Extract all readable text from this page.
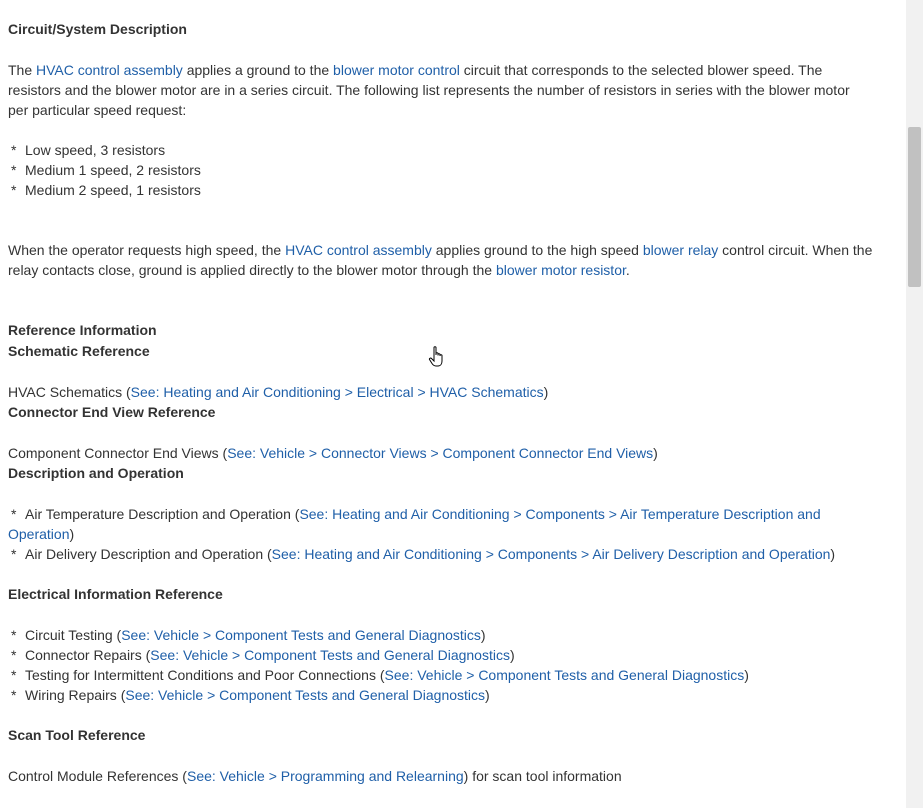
Circuit/System Description
The HVAC control assembly applies a ground to the blower motor control circuit that corresponds to the selected blower speed. The
resistors and the blower motor are in a series circuit. The following list represents the number of resistors in series with the blower motor
per particular speed request:
* Low speed, 3 resistors
* Medium 1 speed, 2 resistors
* Medium 2 speed, 1 resistors
When the operator requests high speed, the HVAC control assembly applies ground to the high speed blower relay control circuit. When the
relay contacts close, ground is applied directly to the blower motor through the blower motor resistor.
Reference Information
Schematic Reference
HVAC Schematics (See: Heating and Air Conditioning > Electrical > HVAC Schematics)
Connector End View Reference
Component Connector End Views (See: Vehicle > Connector Views > Component Connector End Views)
Description and Operation
* Air Temperature Description and Operation (See: Heating and Air Conditioning > Components > Air Temperature Description and
Operation)
* Air Delivery Description and Operation (See: Heating and Air Conditioning > Components > Air Delivery Description and Operation)
Electrical Information Reference
* Circuit Testing (See: Vehicle > Component Tests and General Diagnostics)
* Connector Repairs (See: Vehicle > Component Tests and General Diagnostics)
* Testing for Intermittent Conditions and Poor Connections (See: Vehicle > Component Tests and General Diagnostics)
* Wiring Repairs (See: Vehicle > Component Tests and General Diagnostics)
Scan Tool Reference
Control Module References (See: Vehicle > Programming and Relearning) for scan tool information
